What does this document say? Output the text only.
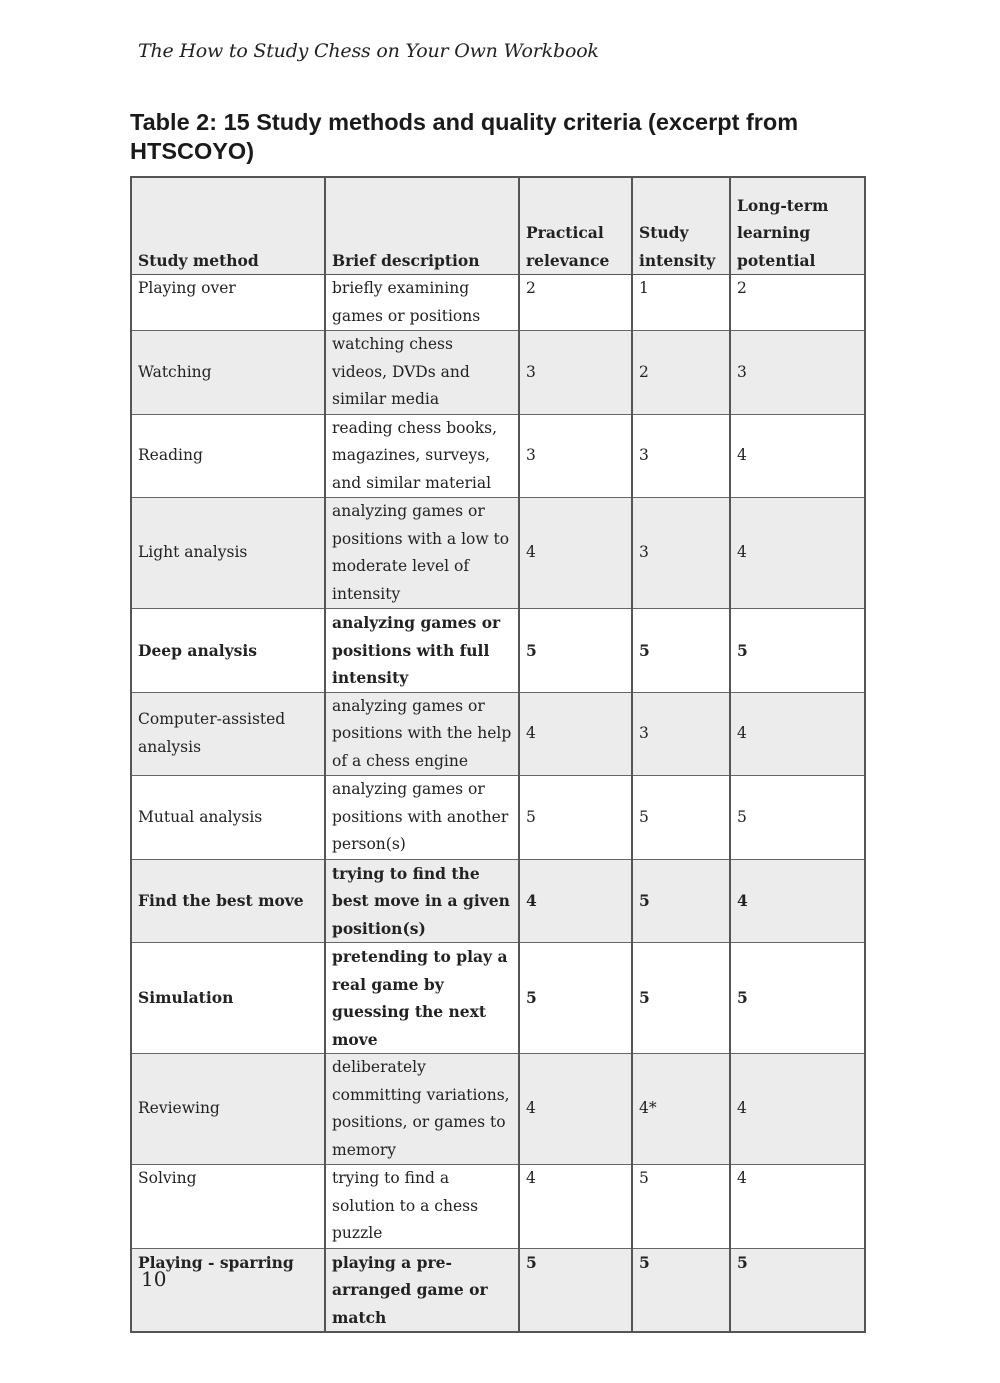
The How to Study Chess on Your Own Workbook
Table 2: 15 Study methods and quality criteria (excerpt from HTSCOYO)
Study method	Brief description	Practical relevance	Study intensity	Long-term learning potential
Playing over	briefly examining games or positions	2	1	2
Watching	watching chess videos, DVDs and similar media	3	2	3
Reading	reading chess books, magazines, surveys, and similar material	3	3	4
Light analysis	analyzing games or positions with a low to moderate level of intensity	4	3	4
Deep analysis	analyzing games or positions with full intensity	5	5	5
Computer-assisted analysis	analyzing games or positions with the help of a chess engine	4	3	4
Mutual analysis	analyzing games or positions with another person(s)	5	5	5
Find the best move	trying to find the best move in a given position(s)	4	5	4
Simulation	pretending to play a real game by guessing the next move	5	5	5
Reviewing	deliberately committing variations, positions, or games to memory	4	4*	4
Solving	trying to find a solution to a chess puzzle	4	5	4
Playing - sparring	playing a pre-arranged game or match	5	5	5
10
